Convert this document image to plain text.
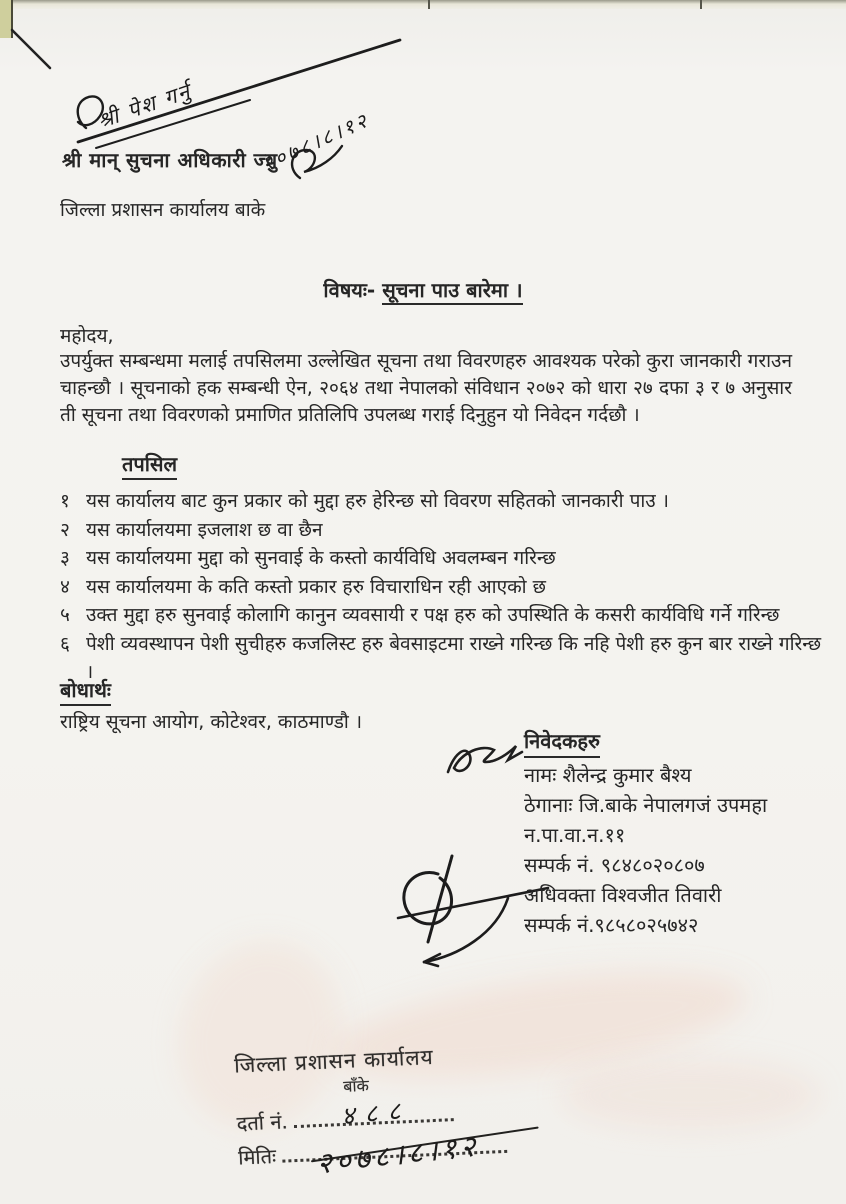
श्री पेश गर्नु
२०७८।८।१२
श्री मान् सुचना अधिकारी ज्यु
जिल्ला प्रशासन कार्यालय बाके
विषयः- सूचना पाउ बारेमा ।
महोदय,
उपर्युक्त सम्बन्धमा मलाई तपसिलमा उल्लेखित सूचना तथा विवरणहरु आवश्यक परेको कुरा जानकारी गराउन चाहन्छौ । सूचनाको हक सम्बन्धी ऐन, २०६४ तथा नेपालको संविधान २०७२ को धारा २७ दफा ३ र ७ अनुसार ती सूचना तथा विवरणको प्रमाणित प्रतिलिपि उपलब्ध गराई दिनुहुन यो निवेदन गर्दछौ ।
तपसिल
१ यस कार्यालय बाट कुन प्रकार को मुद्दा हरु हेरिन्छ सो विवरण सहितको जानकारी पाउ ।
२ यस कार्यालयमा इजलाश छ वा छैन
३ यस कार्यालयमा मुद्दा को सुनवाई के कस्तो कार्यविधि अवलम्बन गरिन्छ
४ यस कार्यालयमा के कति कस्तो प्रकार हरु विचाराधिन रही आएको छ
५ उक्त मुद्दा हरु सुनवाई कोलागि कानुन व्यवसायी र पक्ष हरु को उपस्थिति के कसरी कार्यविधि गर्ने गरिन्छ
६ पेशी व्यवस्थापन पेशी सुचीहरु कजलिस्ट हरु बेवसाइटमा राख्ने गरिन्छ कि नहि पेशी हरु कुन बार राख्ने गरिन्छ ।
बोधार्थः
राष्ट्रिय सूचना आयोग, कोटेश्वर, काठमाण्डौ ।
निवेदकहरु
नामः शैलेन्द्र कुमार बैश्य
ठेगानाः जि.बाके नेपालगजं उपमहा
न.पा.वा.न.११
सम्पर्क नं. ९८४८०२०८०७
अधिवक्ता विश्वजीत तिवारी
सम्पर्क नं.९८५८०२५७४२
जिल्ला प्रशासन कार्यालय
बाँके
दर्ता नं. ४८८
मितिः २०७८।८।१२
